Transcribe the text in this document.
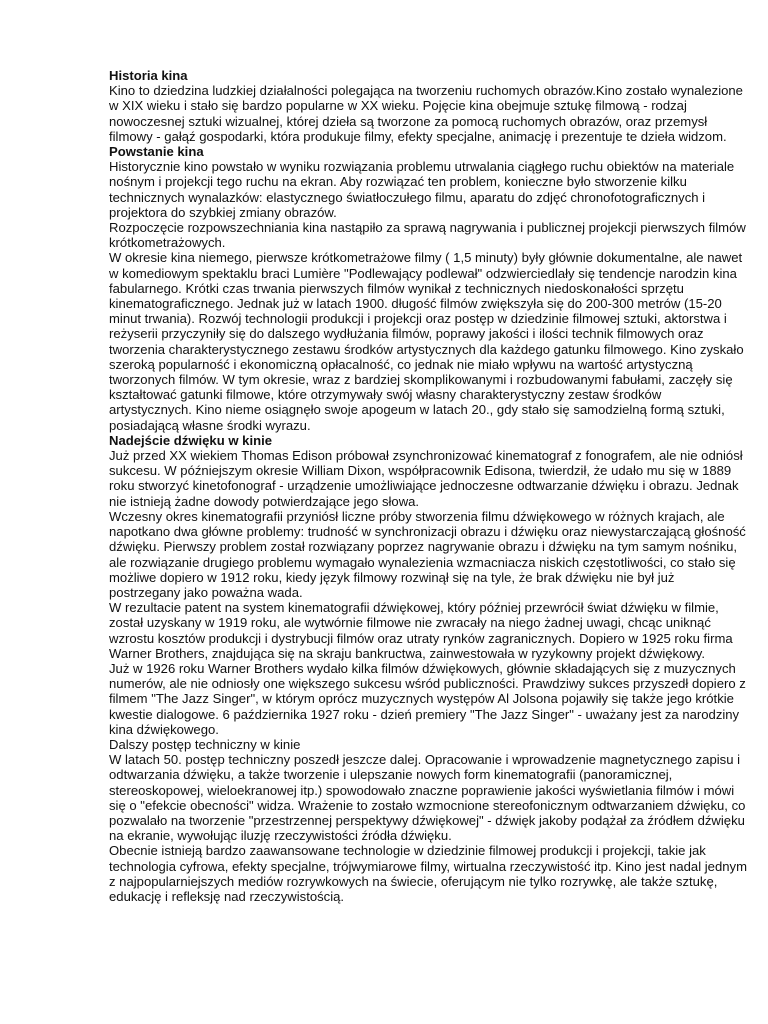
Historia kina

Kino to dziedzina ludzkiej działalności polegająca na tworzeniu ruchomych obrazów.Kino zostało wynalezione w XIX wieku i stało się bardzo popularne w XX wieku. Pojęcie kina obejmuje sztukę filmową - rodzaj nowoczesnej sztuki wizualnej, której dzieła są tworzone za pomocą ruchomych obrazów, oraz przemysł filmowy - gałąź gospodarki, która produkuje filmy, efekty specjalne, animację i prezentuje te dzieła widzom.

Powstanie kina

Historycznie kino powstało w wyniku rozwiązania problemu utrwalania ciągłego ruchu obiektów na materiale nośnym i projekcji tego ruchu na ekran. Aby rozwiązać ten problem, konieczne było stworzenie kilku technicznych wynalazków: elastycznego światłoczułego filmu, aparatu do zdjęć chronofotograficznych i projektora do szybkiej zmiany obrazów.

Rozpoczęcie rozpowszechniania kina nastąpiło za sprawą nagrywania i publicznej projekcji pierwszych filmów krótkometrażowych.

W okresie kina niemego, pierwsze krótkometrażowe filmy ( 1,5 minuty) były głównie dokumentalne, ale nawet w komediowym spektaklu braci Lumière "Podlewający podlewał" odzwierciedlały się tendencje narodzin kina fabularnego. Krótki czas trwania pierwszych filmów wynikał z technicznych niedoskonałości sprzętu kinematograficznego. Jednak już w latach 1900. długość filmów zwiększyła się do 200-300 metrów (15-20 minut trwania). Rozwój technologii produkcji i projekcji oraz postęp w dziedzinie filmowej sztuki, aktorstwa i reżyserii przyczyniły się do dalszego wydłużania filmów, poprawy jakości i ilości technik filmowych oraz tworzenia charakterystycznego zestawu środków artystycznych dla każdego gatunku filmowego. Kino zyskało szeroką popularność i ekonomiczną opłacalność, co jednak nie miało wpływu na wartość artystyczną tworzonych filmów. W tym okresie, wraz z bardziej skomplikowanymi i rozbudowanymi fabułami, zaczęły się kształtować gatunki filmowe, które otrzymywały swój własny charakterystyczny zestaw środków artystycznych. Kino nieme osiągnęło swoje apogeum w latach 20., gdy stało się samodzielną formą sztuki, posiadającą własne środki wyrazu.

Nadejście dźwięku w kinie

Już przed XX wiekiem Thomas Edison próbował zsynchronizować kinematograf z fonografem, ale nie odniósł sukcesu. W późniejszym okresie William Dixon, współpracownik Edisona, twierdził, że udało mu się w 1889 roku stworzyć kinetofonograf - urządzenie umożliwiające jednoczesne odtwarzanie dźwięku i obrazu. Jednak nie istnieją żadne dowody potwierdzające jego słowa.

Wczesny okres kinematografii przyniósł liczne próby stworzenia filmu dźwiękowego w różnych krajach, ale napotkano dwa główne problemy: trudność w synchronizacji obrazu i dźwięku oraz niewystarczającą głośność dźwięku. Pierwszy problem został rozwiązany poprzez nagrywanie obrazu i dźwięku na tym samym nośniku, ale rozwiązanie drugiego problemu wymagało wynalezienia wzmacniacza niskich częstotliwości, co stało się możliwe dopiero w 1912 roku, kiedy język filmowy rozwinął się na tyle, że brak dźwięku nie był już postrzegany jako poważna wada.

W rezultacie patent na system kinematografii dźwiękowej, który później przewrócił świat dźwięku w filmie, został uzyskany w 1919 roku, ale wytwórnie filmowe nie zwracały na niego żadnej uwagi, chcąc uniknąć wzrostu kosztów produkcji i dystrybucji filmów oraz utraty rynków zagranicznych. Dopiero w 1925 roku firma Warner Brothers, znajdująca się na skraju bankructwa, zainwestowała w ryzykowny projekt dźwiękowy.

Już w 1926 roku Warner Brothers wydało kilka filmów dźwiękowych, głównie składających się z muzycznych numerów, ale nie odniosły one większego sukcesu wśród publiczności. Prawdziwy sukces przyszedł dopiero z filmem "The Jazz Singer", w którym oprócz muzycznych występów Al Jolsona pojawiły się także jego krótkie kwestie dialogowe. 6 października 1927 roku - dzień premiery "The Jazz Singer" - uważany jest za narodziny kina dźwiękowego.

Dalszy postęp techniczny w kinie

W latach 50. postęp techniczny poszedł jeszcze dalej. Opracowanie i wprowadzenie magnetycznego zapisu i odtwarzania dźwięku, a także tworzenie i ulepszanie nowych form kinematografii (panoramicznej, stereoskopowej, wieloekranowej itp.) spowodowało znaczne poprawienie jakości wyświetlania filmów i mówi się o "efekcie obecności" widza. Wrażenie to zostało wzmocnione stereofonicznym odtwarzaniem dźwięku, co pozwalało na tworzenie "przestrzennej perspektywy dźwiękowej" - dźwięk jakoby podążał za źródłem dźwięku na ekranie, wywołując iluzję rzeczywistości źródła dźwięku.

Obecnie istnieją bardzo zaawansowane technologie w dziedzinie filmowej produkcji i projekcji, takie jak technologia cyfrowa, efekty specjalne, trójwymiarowe filmy, wirtualna rzeczywistość itp. Kino jest nadal jednym z najpopularniejszych mediów rozrywkowych na świecie, oferującym nie tylko rozrywkę, ale także sztukę, edukację i refleksję nad rzeczywistością.
